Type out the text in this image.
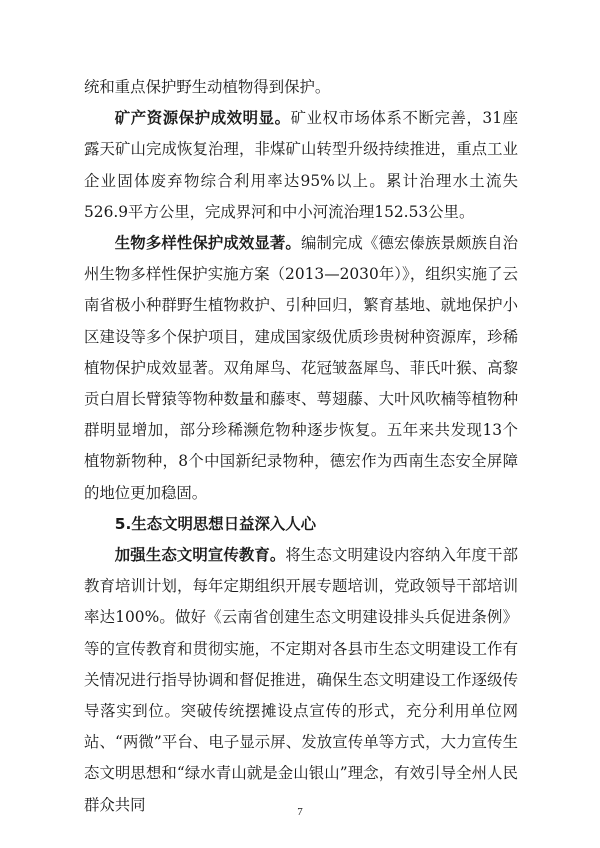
统和重点保护野生动植物得到保护。

矿产资源保护成效明显。矿业权市场体系不断完善，31座露天矿山完成恢复治理，非煤矿山转型升级持续推进，重点工业企业固体废弃物综合利用率达95%以上。累计治理水土流失526.9平方公里，完成界河和中小河流治理152.53公里。

生物多样性保护成效显著。编制完成《德宏傣族景颇族自治州生物多样性保护实施方案（2013—2030年）》，组织实施了云南省极小种群野生植物救护、引种回归，繁育基地、就地保护小区建设等多个保护项目，建成国家级优质珍贵树种资源库，珍稀植物保护成效显著。双角犀鸟、花冠皱盔犀鸟、菲氏叶猴、高黎贡白眉长臂猿等物种数量和藤枣、萼翅藤、大叶风吹楠等植物种群明显增加，部分珍稀濒危物种逐步恢复。五年来共发现13个植物新物种，8个中国新纪录物种，德宏作为西南生态安全屏障的地位更加稳固。

5.生态文明思想日益深入人心

加强生态文明宣传教育。将生态文明建设内容纳入年度干部教育培训计划，每年定期组织开展专题培训，党政领导干部培训率达100%。做好《云南省创建生态文明建设排头兵促进条例》等的宣传教育和贯彻实施，不定期对各县市生态文明建设工作有关情况进行指导协调和督促推进，确保生态文明建设工作逐级传导落实到位。突破传统摆摊设点宣传的形式，充分利用单位网站、“两微”平台、电子显示屏、发放宣传单等方式，大力宣传生态文明思想和“绿水青山就是金山银山”理念，有效引导全州人民群众共同	7
